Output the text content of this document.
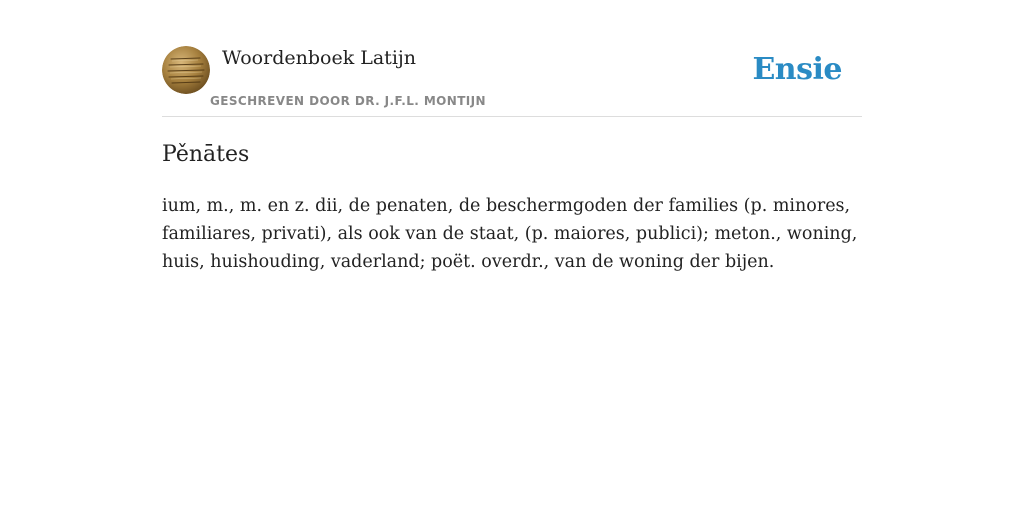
Woordenboek Latijn
GESCHREVEN DOOR DR. J.F.L. MONTIJN
Ensie
Pěnātes

ium, m., m. en z. dii, de penaten, de beschermgoden der families (p. minores, familiares, privati), als ook van de staat, (p. maiores, publici); meton., woning, huis, huishouding, vaderland; poët. overdr., van de woning der bijen.
